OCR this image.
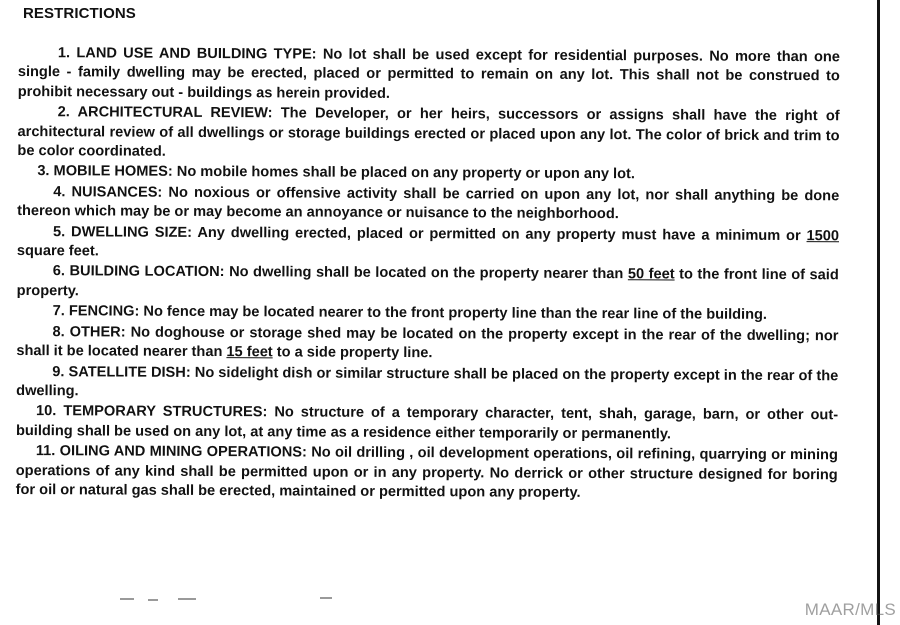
RESTRICTIONS

1. LAND USE AND BUILDING TYPE: No lot shall be used except for residential purposes. No more than one single - family dwelling may be erected, placed or permitted to remain on any lot. This shall not be construed to prohibit necessary out - buildings as herein provided.

2. ARCHITECTURAL REVIEW: The Developer, or her heirs, successors or assigns shall have the right of architectural review of all dwellings or storage buildings erected or placed upon any lot. The color of brick and trim to be color coordinated.

3. MOBILE HOMES: No mobile homes shall be placed on any property or upon any lot.

4. NUISANCES: No noxious or offensive activity shall be carried on upon any lot, nor shall anything be done thereon which may be or may become an annoyance or nuisance to the neighborhood.

5. DWELLING SIZE: Any dwelling erected, placed or permitted on any property must have a minimum or 1500 square feet.

6. BUILDING LOCATION: No dwelling shall be located on the property nearer than 50 feet to the front line of said property.

7. FENCING: No fence may be located nearer to the front property line than the rear line of the building.

8. OTHER: No doghouse or storage shed may be located on the property except in the rear of the dwelling; nor shall it be located nearer than 15 feet to a side property line.

9. SATELLITE DISH: No sidelight dish or similar structure shall be placed on the property except in the rear of the dwelling.

10. TEMPORARY STRUCTURES: No structure of a temporary character, tent, shah, garage, barn, or other out-building shall be used on any lot, at any time as a residence either temporarily or permanently.

11. OILING AND MINING OPERATIONS: No oil drilling , oil development operations, oil refining, quarrying or mining operations of any kind shall be permitted upon or in any property. No derrick or other structure designed for boring for oil or natural gas shall be erected, maintained or permitted upon any property.

MAAR/MLS
